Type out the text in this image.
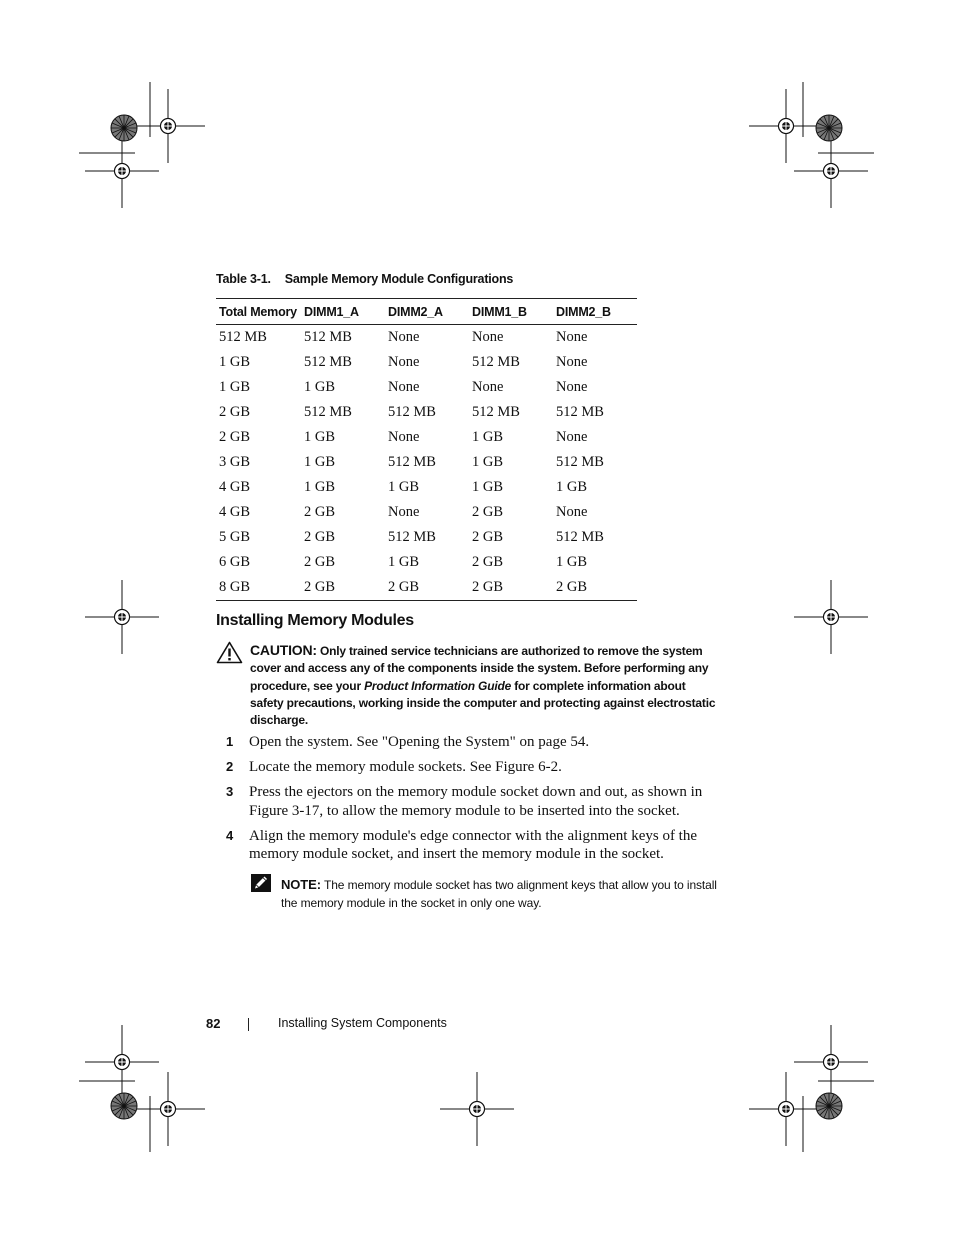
Table 3-1. Sample Memory Module Configurations
Total Memory	DIMM1_A	DIMM2_A	DIMM1_B	DIMM2_B
512 MB	512 MB	None	None	None
1 GB	512 MB	None	512 MB	None
1 GB	1 GB	None	None	None
2 GB	512 MB	512 MB	512 MB	512 MB
2 GB	1 GB	None	1 GB	None
3 GB	1 GB	512 MB	1 GB	512 MB
4 GB	1 GB	1 GB	1 GB	1 GB
4 GB	2 GB	None	2 GB	None
5 GB	2 GB	512 MB	2 GB	512 MB
6 GB	2 GB	1 GB	2 GB	1 GB
8 GB	2 GB	2 GB	2 GB	2 GB
Installing Memory Modules
CAUTION: Only trained service technicians are authorized to remove the system cover and access any of the components inside the system. Before performing any procedure, see your Product Information Guide for complete information about safety precautions, working inside the computer and protecting against electrostatic discharge.
1 Open the system. See "Opening the System" on page 54.
2 Locate the memory module sockets. See Figure 6-2.
3 Press the ejectors on the memory module socket down and out, as shown in Figure 3-17, to allow the memory module to be inserted into the socket.
4 Align the memory module's edge connector with the alignment keys of the memory module socket, and insert the memory module in the socket.
NOTE: The memory module socket has two alignment keys that allow you to install the memory module in the socket in only one way.
82	Installing System Components
